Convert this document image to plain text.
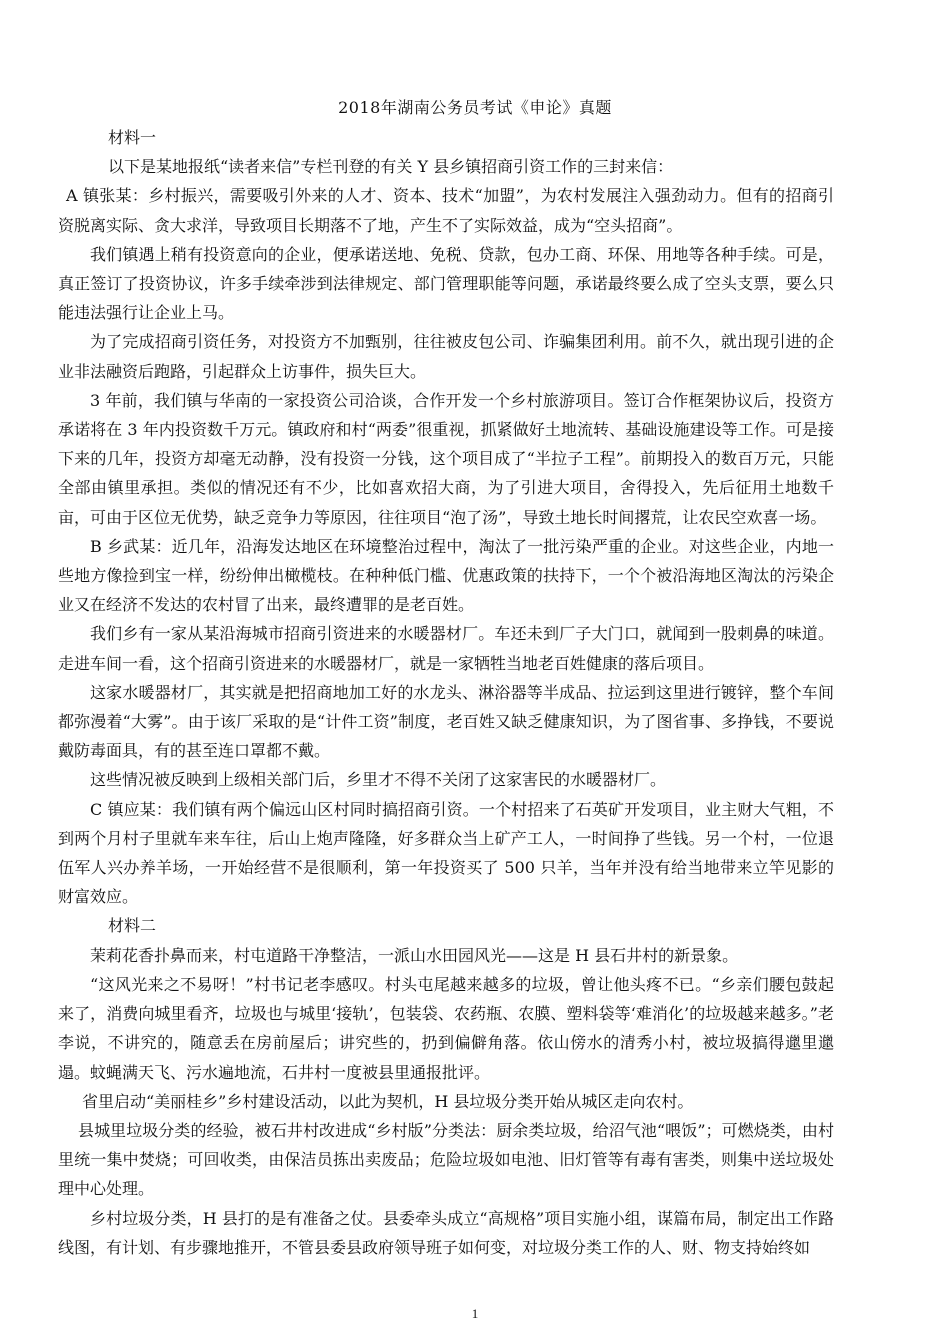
2018年湖南公务员考试《申论》真题

材料一

以下是某地报纸“读者来信”专栏刊登的有关 Y 县乡镇招商引资工作的三封来信：

A 镇张某：乡村振兴，需要吸引外来的人才、资本、技术“加盟”，为农村发展注入强劲动力。但有的招商引资脱离实际、贪大求洋，导致项目长期落不了地，产生不了实际效益，成为“空头招商”。

我们镇遇上稍有投资意向的企业，便承诺送地、免税、贷款，包办工商、环保、用地等各种手续。可是，真正签订了投资协议，许多手续牵涉到法律规定、部门管理职能等问题，承诺最终要么成了空头支票，要么只能违法强行让企业上马。

为了完成招商引资任务，对投资方不加甄别，往往被皮包公司、诈骗集团利用。前不久，就出现引进的企业非法融资后跑路，引起群众上访事件，损失巨大。

3 年前，我们镇与华南的一家投资公司洽谈，合作开发一个乡村旅游项目。签订合作框架协议后，投资方承诺将在 3 年内投资数千万元。镇政府和村“两委”很重视，抓紧做好土地流转、基础设施建设等工作。可是接下来的几年，投资方却毫无动静，没有投资一分钱，这个项目成了“半拉子工程”。前期投入的数百万元，只能全部由镇里承担。类似的情况还有不少，比如喜欢招大商，为了引进大项目，舍得投入，先后征用土地数千亩，可由于区位无优势，缺乏竞争力等原因，往往项目“泡了汤”，导致土地长时间撂荒，让农民空欢喜一场。

B 乡武某：近几年，沿海发达地区在环境整治过程中，淘汰了一批污染严重的企业。对这些企业，内地一些地方像捡到宝一样，纷纷伸出橄榄枝。在种种低门槛、优惠政策的扶持下，一个个被沿海地区淘汰的污染企业又在经济不发达的农村冒了出来，最终遭罪的是老百姓。

我们乡有一家从某沿海城市招商引资进来的水暖器材厂。车还未到厂子大门口，就闻到一股刺鼻的味道。走进车间一看，这个招商引资进来的水暖器材厂，就是一家牺牲当地老百姓健康的落后项目。

这家水暖器材厂，其实就是把招商地加工好的水龙头、淋浴器等半成品、拉运到这里进行镀锌，整个车间都弥漫着“大雾”。由于该厂采取的是“计件工资”制度，老百姓又缺乏健康知识，为了图省事、多挣钱，不要说戴防毒面具，有的甚至连口罩都不戴。

这些情况被反映到上级相关部门后，乡里才不得不关闭了这家害民的水暖器材厂。

C 镇应某：我们镇有两个偏远山区村同时搞招商引资。一个村招来了石英矿开发项目，业主财大气粗，不到两个月村子里就车来车往，后山上炮声隆隆，好多群众当上矿产工人，一时间挣了些钱。另一个村，一位退伍军人兴办养羊场，一开始经营不是很顺利，第一年投资买了 500 只羊，当年并没有给当地带来立竿见影的财富效应。

材料二

茉莉花香扑鼻而来，村屯道路干净整洁，一派山水田园风光——这是 H 县石井村的新景象。

“这风光来之不易呀！”村书记老李感叹。村头屯尾越来越多的垃圾，曾让他头疼不已。“乡亲们腰包鼓起来了，消费向城里看齐，垃圾也与城里‘接轨’，包装袋、农药瓶、农膜、塑料袋等‘难消化’的垃圾越来越多。”老李说，不讲究的，随意丢在房前屋后；讲究些的，扔到偏僻角落。依山傍水的清秀小村，被垃圾搞得邋里邋遢。蚊蝇满天飞、污水遍地流，石井村一度被县里通报批评。

省里启动“美丽桂乡”乡村建设活动，以此为契机，H 县垃圾分类开始从城区走向农村。

县城里垃圾分类的经验，被石井村改进成“乡村版”分类法：厨余类垃圾，给沼气池“喂饭”；可燃烧类，由村里统一集中焚烧；可回收类，由保洁员拣出卖废品；危险垃圾如电池、旧灯管等有毒有害类，则集中送垃圾处理中心处理。

乡村垃圾分类，H 县打的是有准备之仗。县委牵头成立“高规格”项目实施小组，谋篇布局，制定出工作路线图，有计划、有步骤地推开，不管县委县政府领导班子如何变，对垃圾分类工作的人、财、物支持始终如

1
